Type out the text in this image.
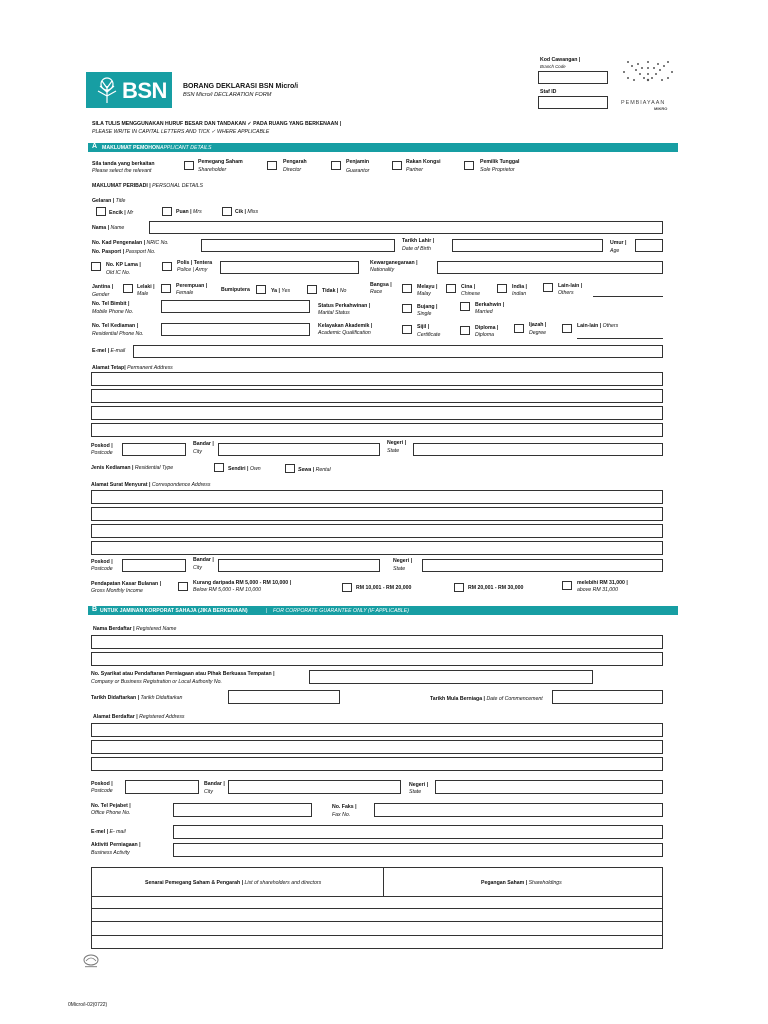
BSN BORANG DEKLARASI BSN Micro/i
BSN Micro/i DECLARATION FORM
Kod Cawangan |
Branch Code
Staf ID
PEMBIAYAAN
MIKRO
SILA TULIS MENGGUNAKAN HURUF BESAR DAN TANDAKAN ✓ PADA RUANG YANG BERKENAAN |
PLEASE WRITE IN CAPITAL LETTERS AND TICK ✓ WHERE APPLICABLE
A MAKLUMAT PEMOHON APPLICANT DETAILS
Sila tanda yang berkaitan
Please select the relevant
Pemegang Saham
Shareholder
Pengarah
Director
Penjamin
Guarantor
Rakan Kongsi
Partner
Pemilik Tunggal
Sole Proprietor
MAKLUMAT PERIBADI | PERSONAL DETAILS
Gelaran | Title
Encik | Mr	Puan | Mrs	Cik | Miss
Nama | Name
No. Kad Pengenalan | NRIC No.
No. Pasport | Passport No.
Tarikh Lahir |
Date of Birth
Umur |
Age
No. KP Lama |
Old IC No.
Polis | Tentera
Police | Army
Kewarganegaraan |
Nationality
Jantina |
Gender
Lelaki |
Male
Perempuan |
Female	Bumiputera	Ya | Yes	Tidak | No
Bangsa |
Race
Melayu |
Malay
Cina |
Chinese
India |
Indian
Lain-lain |
Others
No. Tel Bimbit |
Mobile Phone No.
Status Perkahwinan |
Marital Status
Bujang |
Single
Berkahwin |
Married
No. Tel Kediaman |
Residential Phone No.
Kelayakan Akademik |
Academic Qualification
Sijil |
Certificate
Diploma |
Diploma
Ijazah |
Degree
Lain-lain | Others
E-mel | E-mail
Alamat Tetap| Permanent Address
Poskod |
Postcode
Bandar |
City
Negeri |
State
Jenis Kediaman | Residential Type	Sendiri | Own	Sewa | Rental
Alamat Surat Menyurat | Correspondence Address
Poskod |
Postcode
Bandar |
City
Negeri |
State
Pendapatan Kasar Bulanan |
Gross Monthly Income
Kurang daripada RM 5,000 - RM 10,000 |
Below RM 5,000 - RM 10,000	RM 10,001 - RM 20,000	RM 20,001 - RM 30,000
melebihi RM 31,000 |
above RM 31,000
B UNTUK JAMINAN KORPORAT SAHAJA (JIKA BERKENAAN)	| FOR CORPORATE GUARANTEE ONLY (IF APPLICABLE)
Nama Berdaftar | Registered Name
No. Syarikat atau Pendaftaran Perniagaan atau Pihak Berkuasa Tempatan |
Company or Business Registration or Local Authority No.
Tarikh Didaftarkan | Tarikh Didaftarkan	Tarikh Mula Berniaga | Date of Commencement
Alamat Berdaftar | Registered Address
Poskod |
Postcode
Bandar |
City
Negeri |
State
No. Tel Pejabet |
Office Phone No.
No. Faks |
Fax No.
E-mel | E- mail
Aktiviti Perniagaan |
Business Activity
Senarai Pemegang Saham & Pengarah | List of shareholders and directors	Pegangan Saham | Shareholdings
0Micro/i-02(0722)
